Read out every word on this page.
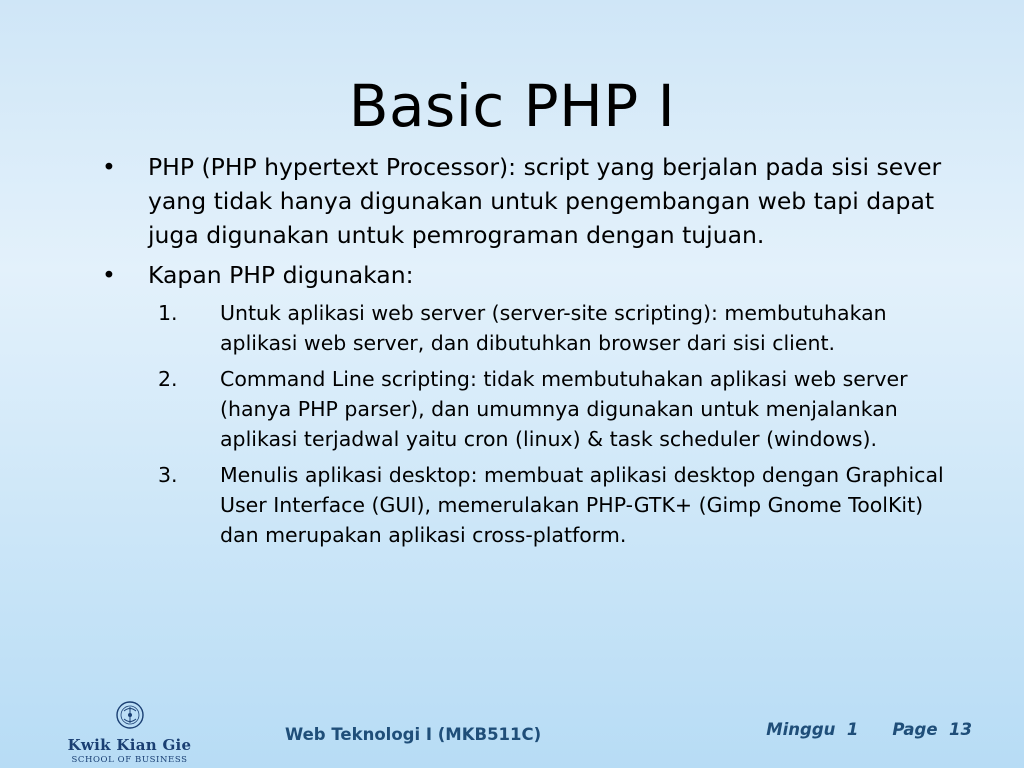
Basic PHP I
• PHP (PHP hypertext Processor): script yang berjalan pada sisi sever yang tidak hanya digunakan untuk pengembangan web tapi dapat juga digunakan untuk pemrograman dengan tujuan.
• Kapan PHP digunakan:
1. Untuk aplikasi web server (server-site scripting): membutuhakan aplikasi web server, dan dibutuhkan browser dari sisi client.
2. Command Line scripting: tidak membutuhakan aplikasi web server (hanya PHP parser), dan umumnya digunakan untuk menjalankan aplikasi terjadwal yaitu cron (linux) & task scheduler (windows).
3. Menulis aplikasi desktop: membuat aplikasi desktop dengan Graphical User Interface (GUI), memerulakan PHP-GTK+ (Gimp Gnome ToolKit) dan merupakan aplikasi cross-platform.
Kwik Kian Gie
SCHOOL OF BUSINESS
Web Teknologi I (MKB511C)	Minggu  1 Page  13
